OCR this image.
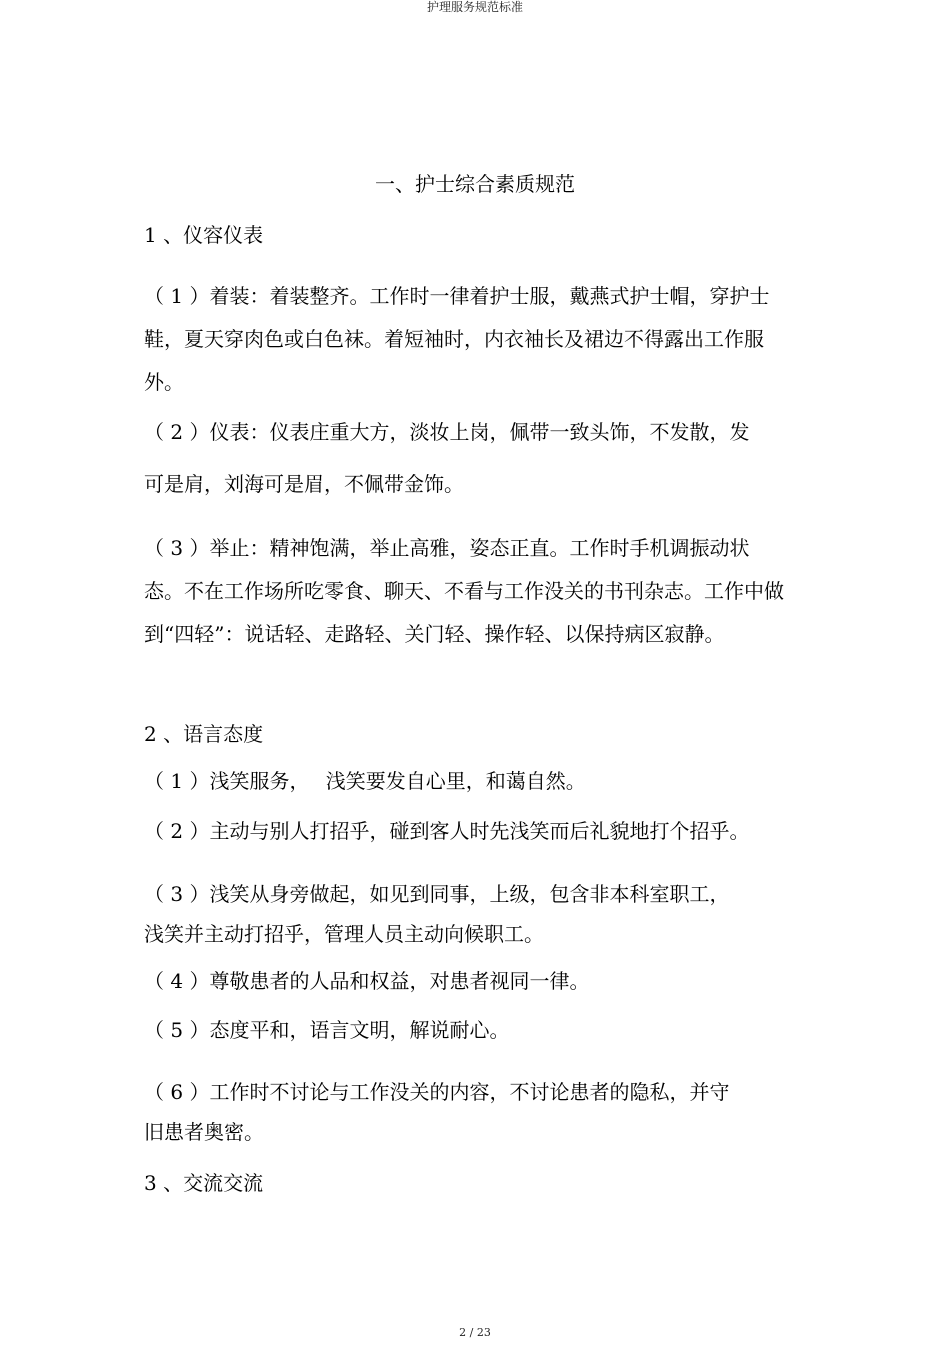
护理服务规范标准
一、护士综合素质规范

1 、仪容仪表

（ 1 ）着装：着装整齐。工作时一律着护士服，戴燕式护士帽，穿护士鞋，夏天穿肉色或白色袜。着短袖时，内衣袖长及裙边不得露出工作服外。

（ 2 ）仪表：仪表庄重大方，淡妆上岗，佩带一致头饰，不发散，发

可是肩，刘海可是眉，不佩带金饰。

（ 3 ）举止：精神饱满，举止高雅，姿态正直。工作时手机调振动状态。不在工作场所吃零食、聊天、不看与工作没关的书刊杂志。工作中做到“四轻”：说话轻、走路轻、关门轻、操作轻、以保持病区寂静。

2 、语言态度

（ 1 ）浅笑服务，　 浅笑要发自心里，和蔼自然。

（ 2 ）主动与别人打招乎，碰到客人时先浅笑而后礼貌地打个招乎。

（ 3 ）浅笑从身旁做起，如见到同事，上级，包含非本科室职工，

浅笑并主动打招乎，管理人员主动向候职工。

（ 4 ）尊敬患者的人品和权益，对患者视同一律。

（ 5 ）态度平和，语言文明，解说耐心。

（ 6 ）工作时不讨论与工作没关的内容，不讨论患者的隐私，并守

旧患者奥密。

3 、交流交流

2 / 23
